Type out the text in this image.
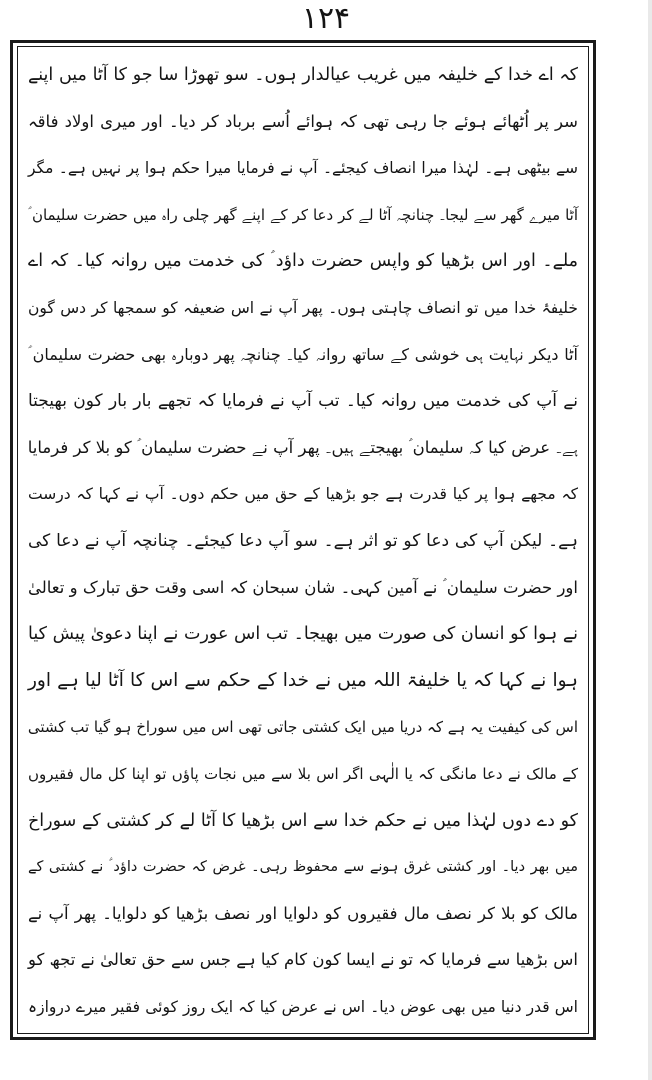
۱۲۴
کہ اے خدا کے خلیفہ میں غریب عیالدار ہوں۔ سو تھوڑا سا جو کا آٹا میں اپنے
سر پر اُٹھائے ہوئے جا رہی تھی کہ ہوائے اُسے برباد کر دیا۔ اور میری اولاد فاقہ
سے بیٹھی ہے۔ لہٰذا میرا انصاف کیجئے۔ آپ نے فرمایا میرا حکم ہوا پر نہیں ہے۔ مگر
آٹا میرے گھر سے لیجا۔ چنانچہ آٹا لے کر دعا کر کے اپنے گھر چلی راہ میں حضرت سلیمان ؑ
ملے۔ اور اس بڑھیا کو واپس حضرت داؤد ؑ کی خدمت میں روانہ کیا۔ کہ اے
خلیفۂ خدا میں تو انصاف چاہتی ہوں۔ پھر آپ نے اس ضعیفہ کو سمجھا کر دس گون
آٹا دیکر نہایت ہی خوشی کے ساتھ روانہ کیا۔ چنانچہ پھر دوبارہ بھی حضرت سلیمان ؑ
نے آپ کی خدمت میں روانہ کیا۔ تب آپ نے فرمایا کہ تجھے بار بار کون بھیجتا
ہے۔ عرض کیا کہ سلیمان ؑ بھیجتے ہیں۔ پھر آپ نے حضرت سلیمان ؑ کو بلا کر فرمایا
کہ مجھے ہوا پر کیا قدرت ہے جو بڑھیا کے حق میں حکم دوں۔ آپ نے کہا کہ درست
ہے۔ لیکن آپ کی دعا کو تو اثر ہے۔ سو آپ دعا کیجئے۔ چنانچہ آپ نے دعا کی
اور حضرت سلیمان ؑ نے آمین کہی۔ شان سبحان کہ اسی وقت حق تبارک و تعالیٰ
نے ہوا کو انسان کی صورت میں بھیجا۔ تب اس عورت نے اپنا دعویٰ پیش کیا
ہوا نے کہا کہ یا خلیفۃ اللہ میں نے خدا کے حکم سے اس کا آٹا لیا ہے اور
اس کی کیفیت یہ ہے کہ دریا میں ایک کشتی جاتی تھی اس میں سوراخ ہو گیا تب کشتی
کے مالک نے دعا مانگی کہ یا الٰہی اگر اس بلا سے میں نجات پاؤں تو اپنا کل مال فقیروں
کو دے دوں لہٰذا میں نے حکم خدا سے اس بڑھیا کا آٹا لے کر کشتی کے سوراخ
میں بھر دیا۔ اور کشتی غرق ہونے سے محفوظ رہی۔ غرض کہ حضرت داؤد ؑ نے کشتی کے
مالک کو بلا کر نصف مال فقیروں کو دلوایا اور نصف بڑھیا کو دلوایا۔ پھر آپ نے
اس بڑھیا سے فرمایا کہ تو نے ایسا کون کام کیا ہے جس سے حق تعالیٰ نے تجھ کو
اس قدر دنیا میں بھی عوض دیا۔ اس نے عرض کیا کہ ایک روز کوئی فقیر میرے دروازہ
